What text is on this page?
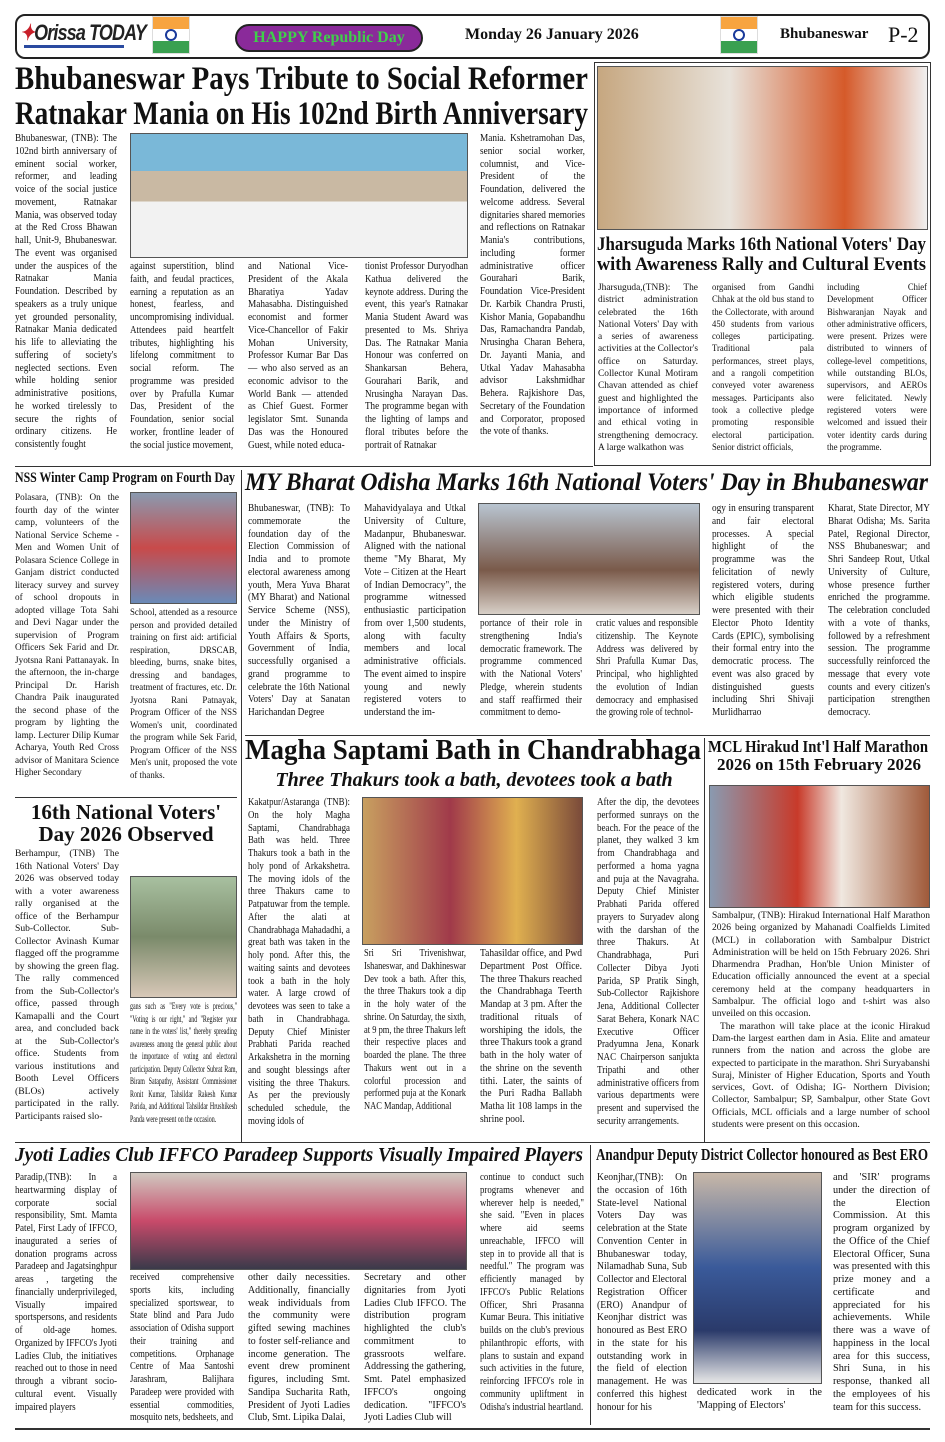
✦Orissa TODAY	HAPPY Republic Day	Monday 26 January 2026	Bhubaneswar P-2
Bhubaneswar Pays Tribute to Social Reformer
Ratnakar Mania on His 102nd Birth Anniversary
Bhubaneswar, (TNB): The 102nd birth anniversary of eminent social worker, reformer, and leading voice of the social justice movement, Ratnakar Mania, was observed today at the Red Cross Bhawan hall, Unit-9, Bhubaneswar. The event was organised under the auspices of the Ratnakar Mania Foundation. Described by speakers as a truly unique yet grounded personality, Ratnakar Mania dedicated his life to alleviating the suffering of society's neglected sections. Even while holding senior administrative positions, he worked tirelessly to secure the rights of ordinary citizens. He consistently fought
against superstition, blind faith, and feudal practices, earning a reputation as an honest, fearless, and uncompromising individual. Attendees paid heartfelt tributes, highlighting his lifelong commitment to social reform. The programme was presided over by Prafulla Kumar Das, President of the Foundation, senior social worker, frontline leader of the social justice movement,
and National Vice-President of the Akala Bharatiya Yadav Mahasabha. Distinguished economist and former Vice-Chancellor of Fakir Mohan University, Professor Kumar Bar Das — who also served as an economic advisor to the World Bank — attended as Chief Guest. Former legislator Smt. Sunanda Das was the Honoured Guest, while noted educa-
tionist Professor Duryodhan Kathua delivered the keynote address. During the event, this year's Ratnakar Mania Student Award was presented to Ms. Shriya Das. The Ratnakar Mania Honour was conferred on Shankarsan Behera, Gourahari Barik, and Nrusingha Narayan Das. The programme began with the lighting of lamps and floral tributes before the portrait of Ratnakar
Mania. Kshetramohan Das, senior social worker, columnist, and Vice-President of the Foundation, delivered the welcome address. Several dignitaries shared memories and reflections on Ratnakar Mania's contributions, including former administrative officer Gourahari Barik, Foundation Vice-President Dr. Karbik Chandra Prusti, Kishor Mania, Gopabandhu Das, Ramachandra Pandab, Nrusingha Charan Behera, Dr. Jayanti Mania, and Utkal Yadav Mahasabha advisor Lakshmidhar Behera. Rajkishore Das, Secretary of the Foundation and Corporator, proposed the vote of thanks.
Jharsuguda Marks 16th National Voters' Day
with Awareness Rally and Cultural Events
Jharsuguda,(TNB): The district administration celebrated the 16th National Voters' Day with a series of awareness activities at the Collector's office on Saturday. Collector Kunal Motiram Chavan attended as chief guest and highlighted the importance of informed and ethical voting in strengthening democracy. A large walkathon was
organised from Gandhi Chhak at the old bus stand to the Collectorate, with around 450 students from various colleges participating. Traditional pala performances, street plays, and a rangoli competition conveyed voter awareness messages. Participants also took a collective pledge promoting responsible electoral participation. Senior district officials,
including Chief Development Officer Bishwaranjan Nayak and other administrative officers, were present. Prizes were distributed to winners of college-level competitions, while outstanding BLOs, supervisors, and AEROs were felicitated. Newly registered voters were welcomed and issued their voter identity cards during the programme.
NSS Winter Camp Program on Fourth Day
Polasara, (TNB): On the fourth day of the winter camp, volunteers of the National Service Scheme - Men and Women Unit of Polasara Science College in Ganjam district conducted literacy survey and survey of school dropouts in adopted village Tota Sahi and Devi Nagar under the supervision of Program Officers Sek Farid and Dr. Jyotsna Rani Pattanayak. In the afternoon, the in-charge Principal Dr. Harish Chandra Paik inaugurated the second phase of the program by lighting the lamp. Lecturer Dilip Kumar Acharya, Youth Red Cross advisor of Manitara Science Higher Secondary
School, attended as a resource person and provided detailed training on first aid: artificial respiration, DRSCAB, bleeding, burns, snake bites, dressing and bandages, treatment of fractures, etc. Dr. Jyotsna Rani Patnayak, Program Officer of the NSS Women's unit, coordinated the program while Sek Farid, Program Officer of the NSS Men's unit, proposed the vote of thanks.
MY Bharat Odisha Marks 16th National Voters' Day in Bhubaneswar
Bhubaneswar, (TNB): To commemorate the foundation day of the Election Commission of India and to promote electoral awareness among youth, Mera Yuva Bharat (MY Bharat) and National Service Scheme (NSS), under the Ministry of Youth Affairs & Sports, Government of India, successfully organised a grand programme to celebrate the 16th National Voters' Day at Sanatan Harichandan Degree
Mahavidyalaya and Utkal University of Culture, Madanpur, Bhubaneswar. Aligned with the national theme "My Bharat, My Vote – Citizen at the Heart of Indian Democracy", the programme witnessed enthusiastic participation from over 1,500 students, along with faculty members and local administrative officials. The event aimed to inspire young and newly registered voters to understand the im-
portance of their role in strengthening India's democratic framework. The programme commenced with the National Voters' Pledge, wherein students and staff reaffirmed their commitment to demo-
cratic values and responsible citizenship. The Keynote Address was delivered by Shri Prafulla Kumar Das, Principal, who highlighted the evolution of Indian democracy and emphasised the growing role of technol-
ogy in ensuring transparent and fair electoral processes. A special highlight of the programme was the felicitation of newly registered voters, during which eligible students were presented with their Elector Photo Identity Cards (EPIC), symbolising their formal entry into the democratic process. The event was also graced by distinguished guests including Shri Shivaji Murlidharrao
Kharat, State Director, MY Bharat Odisha; Ms. Sarita Patel, Regional Director, NSS Bhubaneswar; and Shri Sandeep Rout, Utkal University of Culture, whose presence further enriched the programme. The celebration concluded with a vote of thanks, followed by a refreshment session. The programme successfully reinforced the message that every vote counts and every citizen's participation strengthen democracy.
16th National Voters'
Day 2026 Observed
Berhampur, (TNB) The 16th National Voters' Day 2026 was observed today with a voter awareness rally organised at the office of the Berhampur Sub-Collector. Sub-Collector Avinash Kumar flagged off the programme by showing the green flag. The rally commenced from the Sub-Collector's office, passed through Kamapalli and the Court area, and concluded back at the Sub-Collector's office. Students from various institutions and Booth Level Officers (BLOs) actively participated in the rally. Participants raised slo-
gans such as "Every vote is precious," "Voting is our right," and "Register your name in the voters' list," thereby spreading awareness among the general public about the importance of voting and electoral participation. Deputy Collector Subrat Ram, Biram Satapathy, Assistant Commissioner Ronit Kumar, Tahsildar Rakesh Kumar Parida, and Additional Tahsildar Hrushikesh Panda were present on the occasion.
Magha Saptami Bath in Chandrabhaga
Three Thakurs took a bath, devotees took a bath
Kakatpur/Astaranga (TNB): On the holy Magha Saptami, Chandrabhaga Bath was held. Three Thakurs took a bath in the holy pond of Arkakshetra. The moving idols of the three Thakurs came to Patpatuwar from the temple. After the alati at Chandrabhaga Mahadadhi, a great bath was taken in the holy pond. After this, the waiting saints and devotees took a bath in the holy water. A large crowd of devotees was seen to take a bath in Chandrabhaga. Deputy Chief Minister Prabhati Parida reached Arkakshetra in the morning and sought blessings after visiting the three Thakurs. As per the previously scheduled schedule, the moving idols of
Sri Sri Trivenishwar, Ishaneswar, and Dakhineswar Dev took a bath. After this, the three Thakurs took a dip in the holy water of the shrine. On Saturday, the sixth, at 9 pm, the three Thakurs left their respective places and boarded the plane. The three Thakurs went out in a colorful procession and performed puja at the Konark NAC Mandap, Additional
Tahasildar office, and Pwd Department Post Office. The three Thakurs reached the Chandrabhaga Teerth Mandap at 3 pm. After the traditional rituals of worshiping the idols, the three Thakurs took a grand bath in the holy water of the shrine on the seventh tithi. Later, the saints of the Puri Radha Ballabh Matha lit 108 lamps in the shrine pool.
After the dip, the devotees performed sunrays on the beach. For the peace of the planet, they walked 3 km from Chandrabhaga and performed a homa yagna and puja at the Navagraha. Deputy Chief Minister Prabhati Parida offered prayers to Suryadev along with the darshan of the three Thakurs. At Chandrabhaga, Puri Collecter Dibya Jyoti Parida, SP Pratik Singh, Sub-Collector Rajkishore Jena, Additional Collecter Sarat Behera, Konark NAC Executive Officer Pradyumna Jena, Konark NAC Chairperson sanjukta Tripathi and other administrative officers from various departments were present and supervised the security arrangements.
MCL Hirakud Int'l Half Marathon
2026 on 15th February 2026
Sambalpur, (TNB): Hirakud International Half Marathon 2026 being organized by Mahanadi Coalfields Limited (MCL) in collaboration with Sambalpur District Administration will be held on 15th February 2026. Shri Dharmendra Pradhan, Hon'ble Union Minister of Education officially announced the event at a special ceremony held at the company headquarters in Sambalpur. The official logo and t-shirt was also unveiled on this occasion.
The marathon will take place at the iconic Hirakud Dam-the largest earthen dam in Asia. Elite and amateur runners from the nation and across the globe are expected to participate in the marathon. Shri Suryabanshi Suraj, Minister of Higher Education, Sports and Youth services, Govt. of Odisha; IG- Northern Division; Collector, Sambalpur; SP, Sambalpur, other State Govt Officials, MCL officials and a large number of school students were present on this occasion.
Jyoti Ladies Club IFFCO Paradeep Supports Visually Impaired Players
Paradip,(TNB): In a heartwarming display of corporate social responsibility, Smt. Mamta Patel, First Lady of IFFCO, inaugurated a series of donation programs across Paradeep and Jagatsinghpur areas , targeting the financially underprivileged, Visually impaired sportspersons, and residents of old-age homes. Organized by IFFCO's Jyoti Ladies Club, the initiatives reached out to those in need through a vibrant socio-cultural event. Visually impaired players
received comprehensive sports kits, including specialized sportswear, to State blind and Para Judo association of Odisha support their training and competitions. Orphanage Centre of Maa Santoshi Jarashram, Balijhara Paradeep were provided with essential commodities, mosquito nets, bedsheets, and
other daily necessities. Additionally, financially weak individuals from the community were gifted sewing machines to foster self-reliance and income generation. The event drew prominent figures, including Smt. Sandipa Sucharita Rath, President of Jyoti Ladies Club, Smt. Lipika Dalai,
Secretary and other dignitaries from Jyoti Ladies Club IFFCO. The distribution program highlighted the club's commitment to grassroots welfare. Addressing the gathering, Smt. Patel emphasized IFFCO's ongoing dedication. "IFFCO's Jyoti Ladies Club will
continue to conduct such programs whenever and wherever help is needed," she said. "Even in places where aid seems unreachable, IFFCO will step in to provide all that is needful." The program was efficiently managed by IFFCO's Public Relations Officer, Shri Prasanna Kumar Beura. This initiative builds on the club's previous philanthropic efforts, with plans to sustain and expand such activities in the future, reinforcing IFFCO's role in community upliftment in Odisha's industrial heartland.
Anandpur Deputy District Collector honoured as Best ERO
Keonjhar,(TNB): On the occasion of 16th State-level National Voters Day was celebration at the State Convention Center in Bhubaneswar today, Nilamadhab Suna, Sub Collector and Electoral Registration Officer (ERO) Anandpur of Keonjhar district was honoured as Best ERO in the state for his outstanding work in the field of election management. He was conferred this highest honour for his
dedicated work in the 'Mapping of Electors'
and 'SIR' programs under the direction of the Election Commission. At this program organized by the Office of the Chief Electoral Officer, Suna was presented with this prize money and a certificate and appreciated for his achievements. While there was a wave of happiness in the local area for this success, Shri Suna, in his response, thanked all the employees of his team for this success.
